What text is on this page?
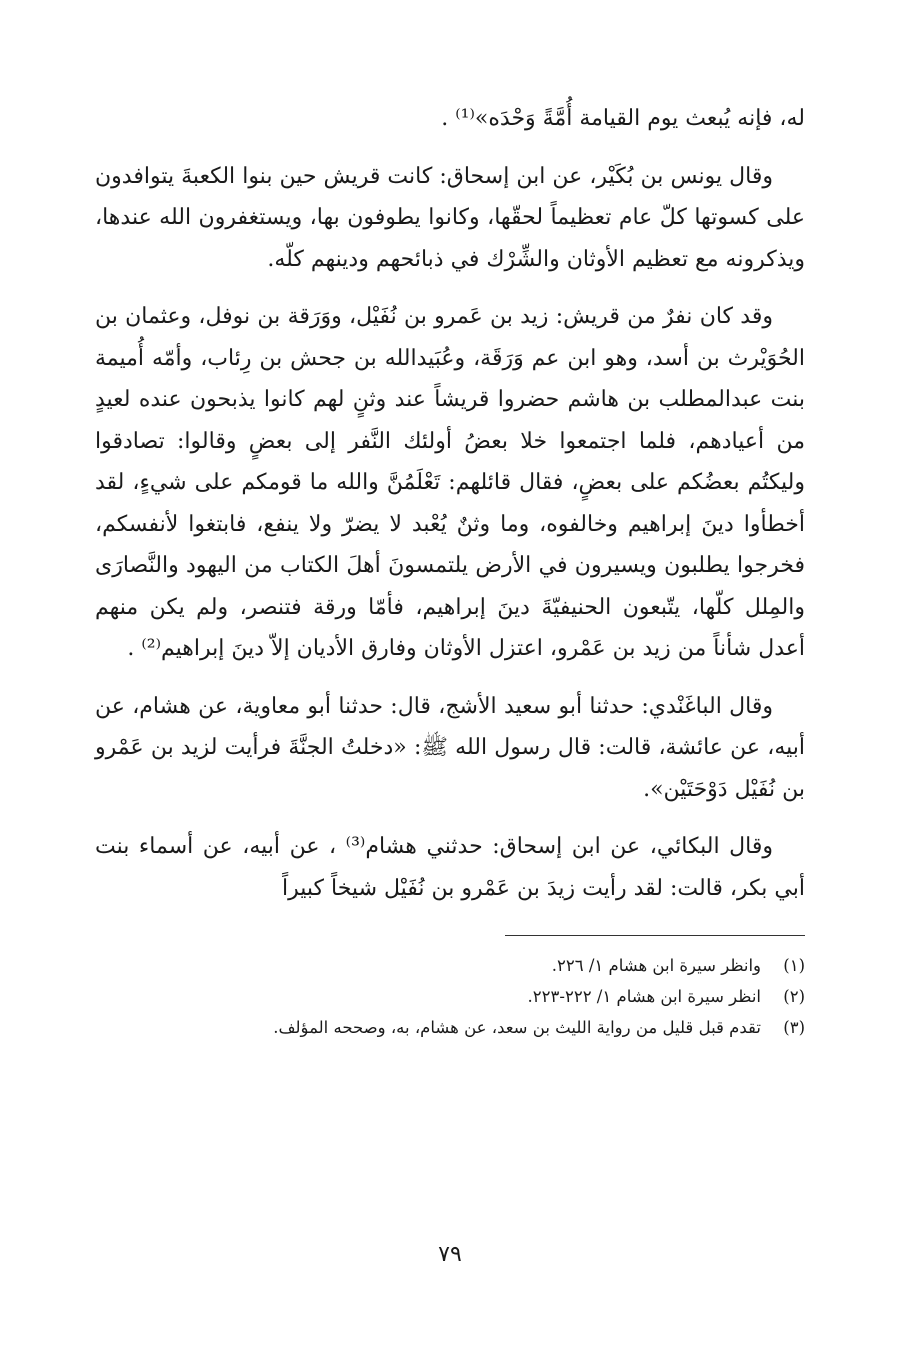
له، فإنه يُبعث يوم القيامة أُمَّةً وَحْدَه»⁽¹⁾ .

وقال يونس بن بُكَيْر، عن ابن إسحاق: كانت قريش حين بنوا الكعبةَ يتوافدون على كسوتها كلّ عام تعظيماً لحقّها، وكانوا يطوفون بها، ويستغفرون الله عندها، ويذكرونه مع تعظيم الأوثان والشِّرْك في ذبائحهم ودينهم كلّه.

وقد كان نفرٌ من قريش: زيد بن عَمرو بن نُفَيْل، ووَرَقة بن نوفل، وعثمان بن الحُوَيْرث بن أسد، وهو ابن عم وَرَقَة، وعُبَيدالله بن جحش بن رِئاب، وأمّه أُميمة بنت عبدالمطلب بن هاشم حضروا قريشاً عند وثنٍ لهم كانوا يذبحون عنده لعيدٍ من أعيادهم، فلما اجتمعوا خلا بعضُ أولئك النَّفر إلى بعضٍ وقالوا: تصادقوا وليكتُم بعضُكم على بعضٍ، فقال قائلهم: تَعْلَمُنَّ والله ما قومكم على شيءٍ، لقد أخطأوا دينَ إبراهيم وخالفوه، وما وثنٌ يُعْبد لا يضرّ ولا ينفع، فابتغوا لأنفسكم، فخرجوا يطلبون ويسيرون في الأرض يلتمسونَ أهلَ الكتاب من اليهود والنَّصارَى والمِلل كلّها، يتّبعون الحنيفيّةَ دينَ إبراهيم، فأمّا ورقة فتنصر، ولم يكن منهم أعدل شأناً من زيد بن عَمْرو، اعتزل الأوثان وفارق الأديان إلاّ دينَ إبراهيم⁽²⁾ .

وقال الباغَنْدي: حدثنا أبو سعيد الأشج، قال: حدثنا أبو معاوية، عن هشام، عن أبيه، عن عائشة، قالت: قال رسول الله ﷺ: «دخلتُ الجنَّةَ فرأيت لزيد بن عَمْرو بن نُفَيْل دَوْحَتَيْن».

وقال البكائي، عن ابن إسحاق: حدثني هشام⁽³⁾ ، عن أبيه، عن أسماء بنت أبي بكر، قالت: لقد رأيت زيدَ بن عَمْرو بن نُفَيْل شيخاً كبيراً

(١)
وانظر سيرة ابن هشام ١/ ٢٢٦.
(٢)
انظر سيرة ابن هشام ١/ ٢٢٢-٢٢٣.
(٣)
تقدم قبل قليل من رواية الليث بن سعد، عن هشام، به، وصححه المؤلف.
٧٩
